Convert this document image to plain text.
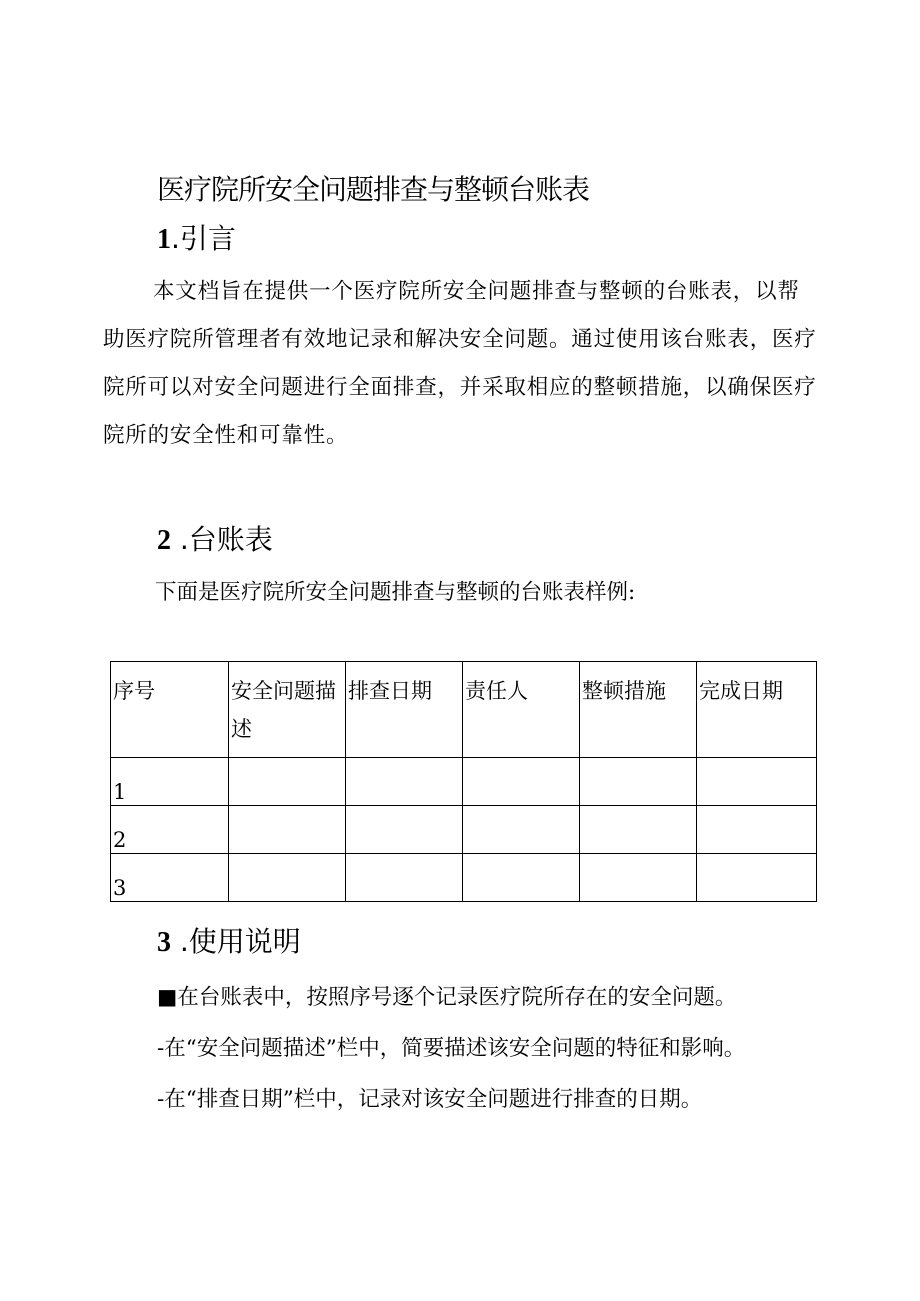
医疗院所安全问题排查与整顿台账表
1.引言

本文档旨在提供一个医疗院所安全问题排查与整顿的台账表，以帮助医疗院所管理者有效地记录和解决安全问题。通过使用该台账表，医疗院所可以对安全问题进行全面排查，并采取相应的整顿措施，以确保医疗院所的安全性和可靠性。

2 .台账表

下面是医疗院所安全问题排查与整顿的台账表样例:

序号	安全问题描述	排查日期	责任人	整顿措施	完成日期
1					
2					
3					
3 .使用说明

■在台账表中，按照序号逐个记录医疗院所存在的安全问题。

-在“安全问题描述”栏中，简要描述该安全问题的特征和影响。

-在“排查日期”栏中，记录对该安全问题进行排查的日期。
